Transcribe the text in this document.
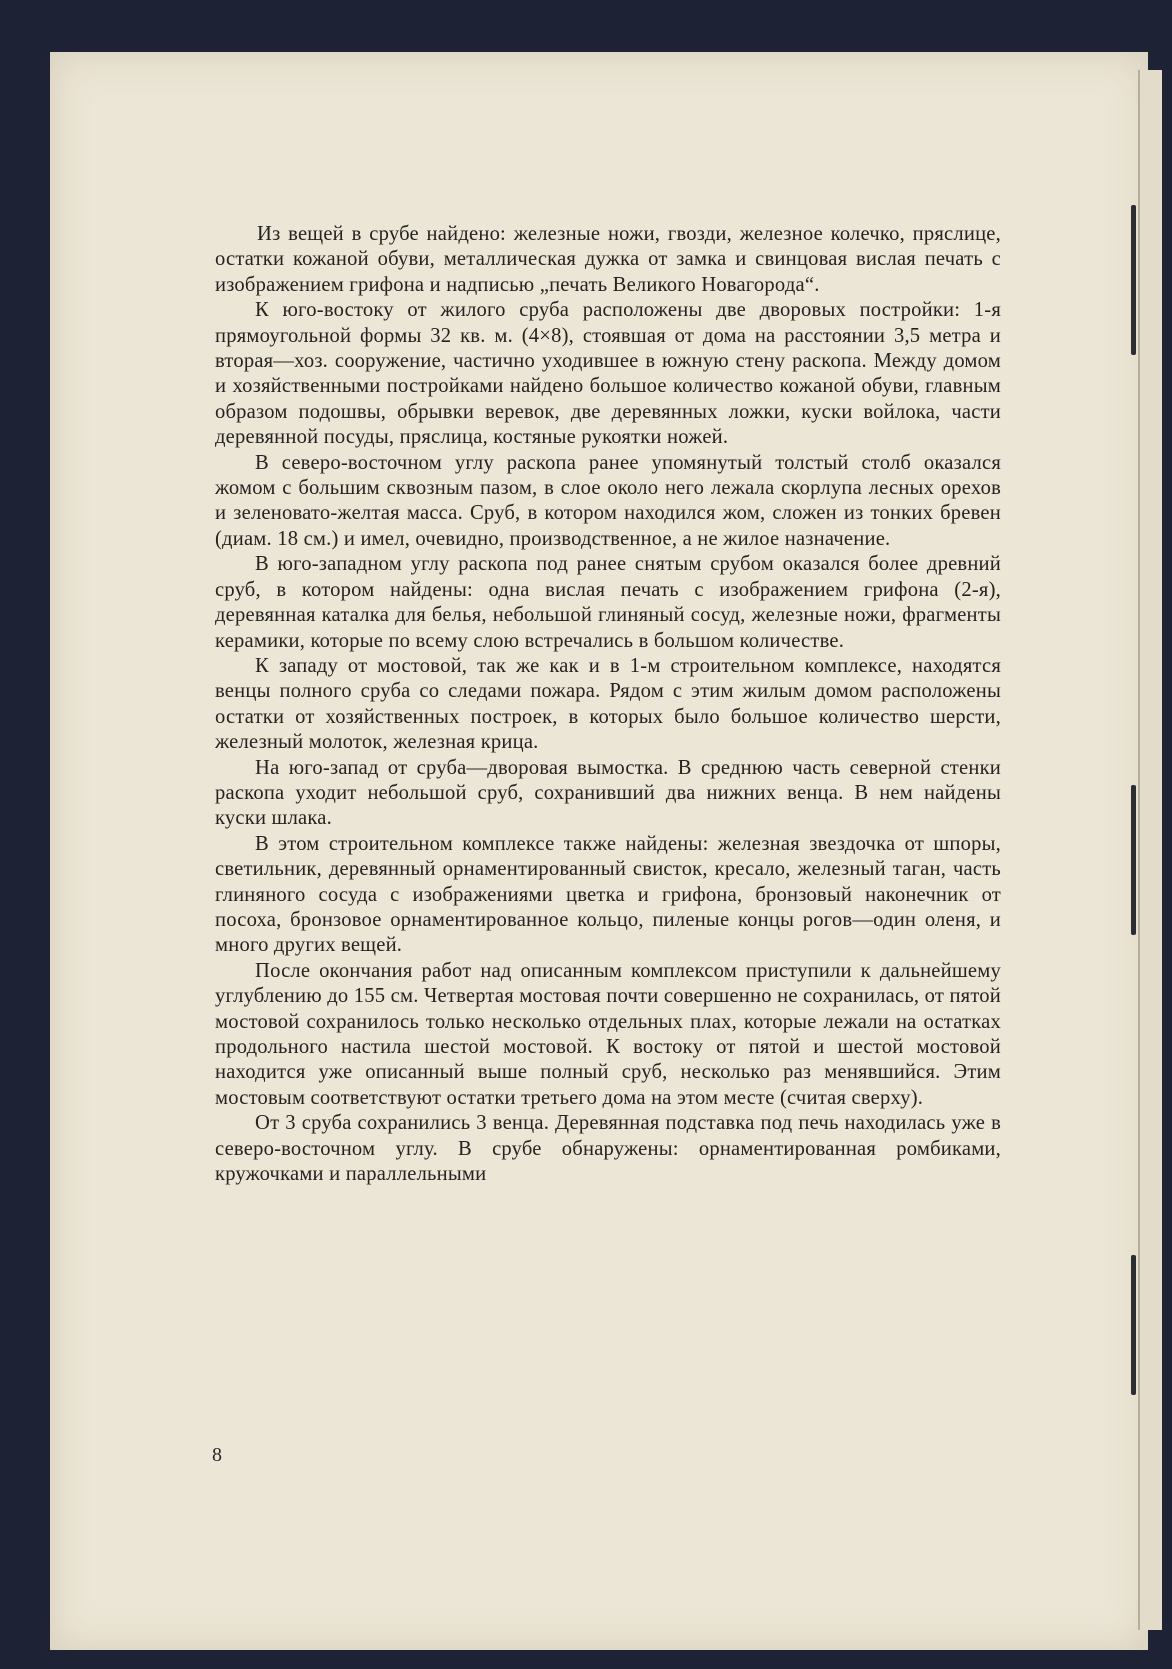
Из вещей в срубе найдено: железные ножи, гвозди, железное колечко, пряслице, остатки кожаной обуви, металлическая дужка от замка и свинцовая вислая печать с изображением грифона и надписью „печать Великого Новагорода“.

К юго-востоку от жилого сруба расположены две дворовых постройки: 1-я прямоугольной формы 32 кв. м. (4×8), стоявшая от дома на расстоянии 3,5 метра и вторая—хоз. сооружение, частично уходившее в южную стену раскопа. Между домом и хозяйственными постройками найдено большое количество кожаной обуви, главным образом подошвы, обрывки веревок, две деревянных ложки, куски войлока, части деревянной посуды, пряслица, костяные рукоятки ножей.

В северо-восточном углу раскопа ранее упомянутый толстый столб оказался жомом с большим сквозным пазом, в слое около него лежала скорлупа лесных орехов и зеленовато-желтая масса. Сруб, в котором находился жом, сложен из тонких бревен (диам. 18 см.) и имел, очевидно, производственное, а не жилое назначение.

В юго-западном углу раскопа под ранее снятым срубом оказался более древний сруб, в котором найдены: одна вислая печать с изображением грифона (2-я), деревянная каталка для белья, небольшой глиняный сосуд, железные ножи, фрагменты керамики, которые по всему слою встречались в большом количестве.

К западу от мостовой, так же как и в 1-м строительном комплексе, находятся венцы полного сруба со следами пожара. Рядом с этим жилым домом расположены остатки от хозяйственных построек, в которых было большое количество шерсти, железный молоток, железная крица.

На юго-запад от сруба—дворовая вымостка. В среднюю часть северной стенки раскопа уходит небольшой сруб, сохранивший два нижних венца. В нем найдены куски шлака.

В этом строительном комплексе также найдены: железная звездочка от шпоры, светильник, деревянный орнаментированный свисток, кресало, железный таган, часть глиняного сосуда с изображениями цветка и грифона, бронзовый наконечник от посоха, бронзовое орнаментированное кольцо, пиленые концы рогов—один оленя, и много других вещей.

После окончания работ над описанным комплексом приступили к дальнейшему углублению до 155 см. Четвертая мостовая почти совершенно не сохранилась, от пятой мостовой сохранилось только несколько отдельных плах, которые лежали на остатках продольного настила шестой мостовой. К востоку от пятой и шестой мостовой находится уже описанный выше полный сруб, несколько раз менявшийся. Этим мостовым соответствуют остатки третьего дома на этом месте (считая сверху).

От 3 сруба сохранились 3 венца. Деревянная подставка под печь находилась уже в северо-восточном углу. В срубе обнаружены: орнаментированная ромбиками, кружочками и параллельными

8
